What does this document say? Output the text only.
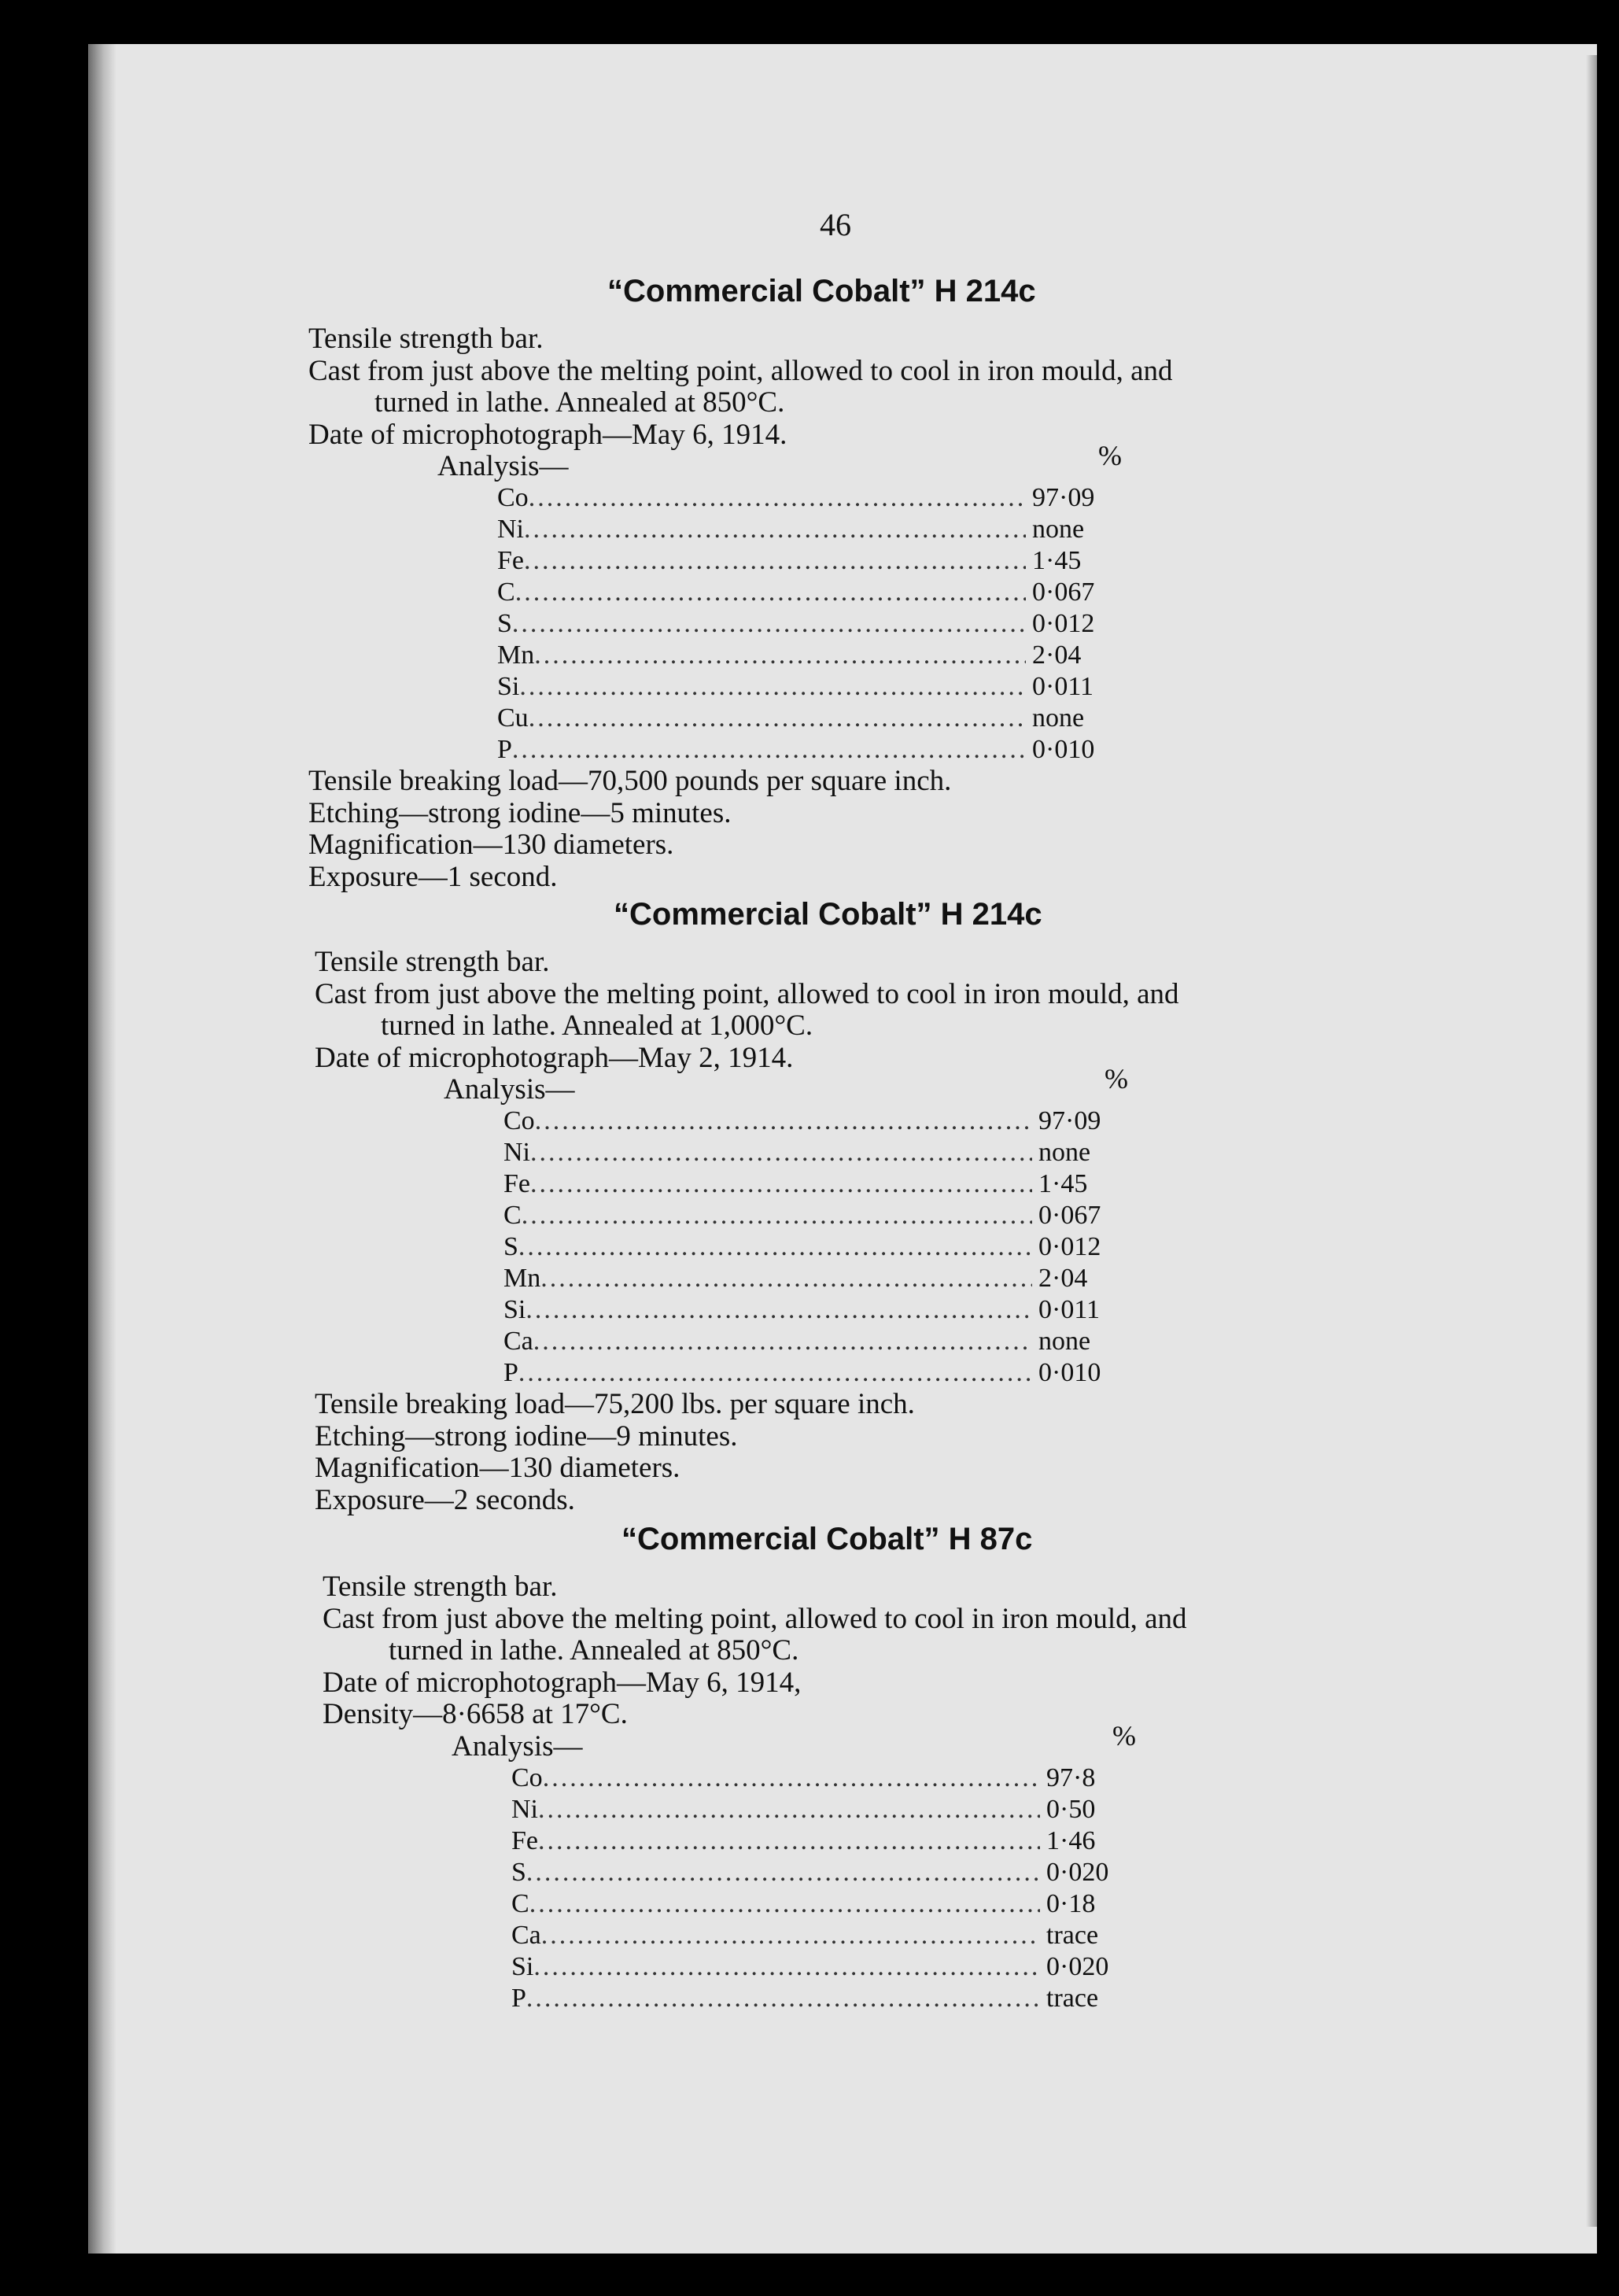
46
“Commercial Cobalt” H 214c
Tensile strength bar.
Cast from just above the melting point, allowed to cool in iron mould, and
turned in lathe. Annealed at 850°C.
Date of microphotograph—May 6, 1914.
Analysis—	%
Co .....	97·09
Ni .....	none
Fe .....	1·45
C .....	0·067
S .....	0·012
Mn .....	2·04
Si .....	0·011
Cu .....	none
P .....	0·010
Tensile breaking load—70,500 pounds per square inch.
Etching—strong iodine—5 minutes.
Magnification—130 diameters.
Exposure—1 second.
“Commercial Cobalt” H 214c
Tensile strength bar.
Cast from just above the melting point, allowed to cool in iron mould, and
turned in lathe. Annealed at 1,000°C.
Date of microphotograph—May 2, 1914.
Analysis—	%
Co .....	97·09
Ni .....	none
Fe .....	1·45
C .....	0·067
S .....	0·012
Mn .....	2·04
Si .....	0·011
Ca .....	none
P .....	0·010
Tensile breaking load—75,200 lbs. per square inch.
Etching—strong iodine—9 minutes.
Magnification—130 diameters.
Exposure—2 seconds.
“Commercial Cobalt” H 87c
Tensile strength bar.
Cast from just above the melting point, allowed to cool in iron mould, and
turned in lathe. Annealed at 850°C.
Date of microphotograph—May 6, 1914,
Density—8·6658 at 17°C.
Analysis—	%
Co .....	97·8
Ni .....	0·50
Fe .....	1·46
S .....	0·020
C .....	0·18
Ca .....	trace
Si .....	0·020
P .....	trace
